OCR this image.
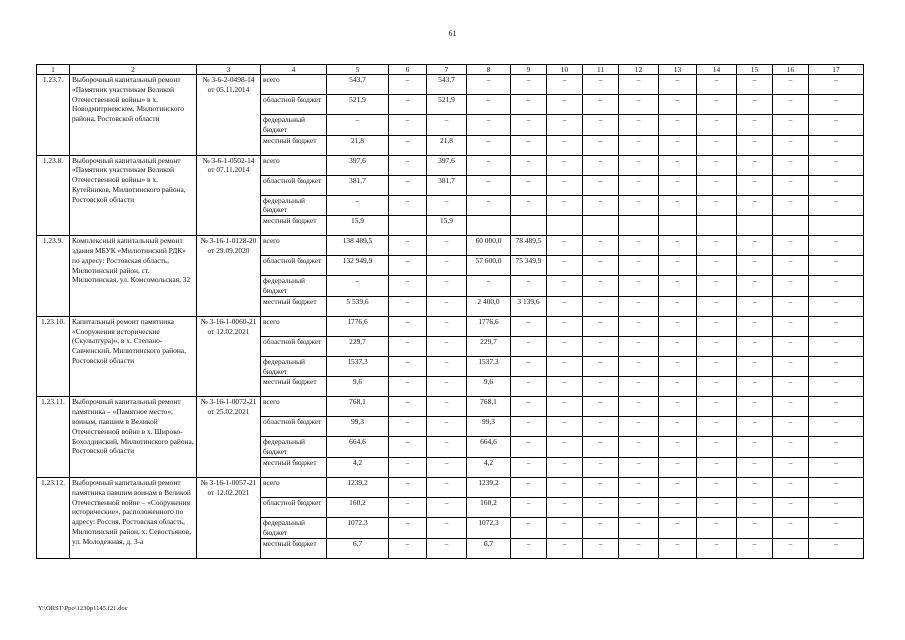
61
1	2	3	4	5	6	7	8	9	10	11	12	13	14	15	16	17
1.23.7.	Выборочный капитальный ремонт «Памятник участникам Великой Отечественной войны» в х. Новодмитриевском, Милютинского района, Ростовской области	№ 3-6-2-0498-14 от 05.11.2014	всего	543,7	–	543,7	–	–	–	–	–	–	–	–	–	–
			областной бюджет	521,9	–	521,9	–	–	–	–	–	–	–	–	–	–
			федеральный бюджет	–	–	–	–	–	–	–	–	–	–	–	–	–
			местный бюджет	21,8	–	21,8	–	–	–	–	–	–	–	–	–	–
1.23.8.	Выборочный капитальный ремонт «Памятник участникам Великой Отечественной войны» в х. Кутейников, Милютинского района, Ростовской области	№ 3-6-1-0502-14 от 07.11.2014	всего	397,6	–	397,6	–	–	–	–	–	–	–	–	–	–
			областной бюджет	381,7	–	381,7	–	–	–	–	–	–	–	–	–	–
			федеральный бюджет	–	–	–	–	–	–	–	–	–	–	–	–	–
			местный бюджет	15,9		15,9										
1.23.9.	Комплексный капитальный ремонт здания МБУК «Милютинский РДК» по адресу: Ростовская область, Милютинский район, ст. Милютинская, ул. Комсомольская, 32	№ 3-16-1-0128-20 от 29.09.2020	всего	138 489,5	–	–	60 000,0	78 489,5	–	–	–	–	–	–	–	–
			областной бюджет	132 949,9	–	–	57 600,0	75 349,9	–	–	–	–	–	–	–	–
			федеральный бюджет	–	–	–	–	–	–	–	–	–	–	–	–	–
			местный бюджет	5 539,6	–	–	2 400,0	3 139,6	–	–	–	–	–	–	–	–
1.23.10.	Капитальный ремонт памятника «Сооружения исторические (Скульптура)», в х. Степано-Савченский, Милютинского района, Ростовской области	№ 3-16-1-0060-21 от 12.02.2021	всего	1776,6	–	–	1776,6	–	–	–	–	–	–	–	–	–
			областной бюджет	229,7	–	–	229,7	–	–	–	–	–	–	–	–	–
			федеральный бюджет	1537,3	–	–	1537,3	–	–	–	–	–	–	–	–	–
			местный бюджет	9,6	–	–	9,6	–	–	–	–	–	–	–	–	–
1.23.11.	Выборочный капитальный ремонт памятника – «Памятное место», воинам, павшим в Великой Отечественной войне в х. Широко-Бохолдинский, Милютинского района, Ростовской области	№ 3-16-1-0072-21 от 25.02.2021	всего	768,1	–	–	768,1	–	–	–	–	–	–	–	–	–
			областной бюджет	99,3	–	–	99,3	–	–	–	–	–	–	–	–	–
			федеральный бюджет	664,6	–	–	664,6	–	–	–	–	–	–	–	–	–
			местный бюджет	4,2	–	–	4,2	–	–	–	–	–	–	–	–	–
1.23.12.	Выборочный капитальный ремонт памятника павшим воинам в Великой Отечественной войне – «Сооружения исторические», расположенного по адресу: Россия, Ростовская область, Милютинский район, х. Севостьянов, ул. Молодежная, д. 3-а	№ 3-16-1-0057-21 от 12.02.2021	всего	1239,2	–	–	1239,2	–	–	–	–	–	–	–	–	–
			областной бюджет	160,2	–	–	160,2	–	–	–	–	–	–	–	–	–
			федеральный бюджет	1072,3	–	–	1072,3	–	–	–	–	–	–	–	–	–
			местный бюджет	6,7	–	–	6,7	–	–	–	–	–	–	–	–	–
Y:\ORST\Ppo\1230p1145.f21.doc
